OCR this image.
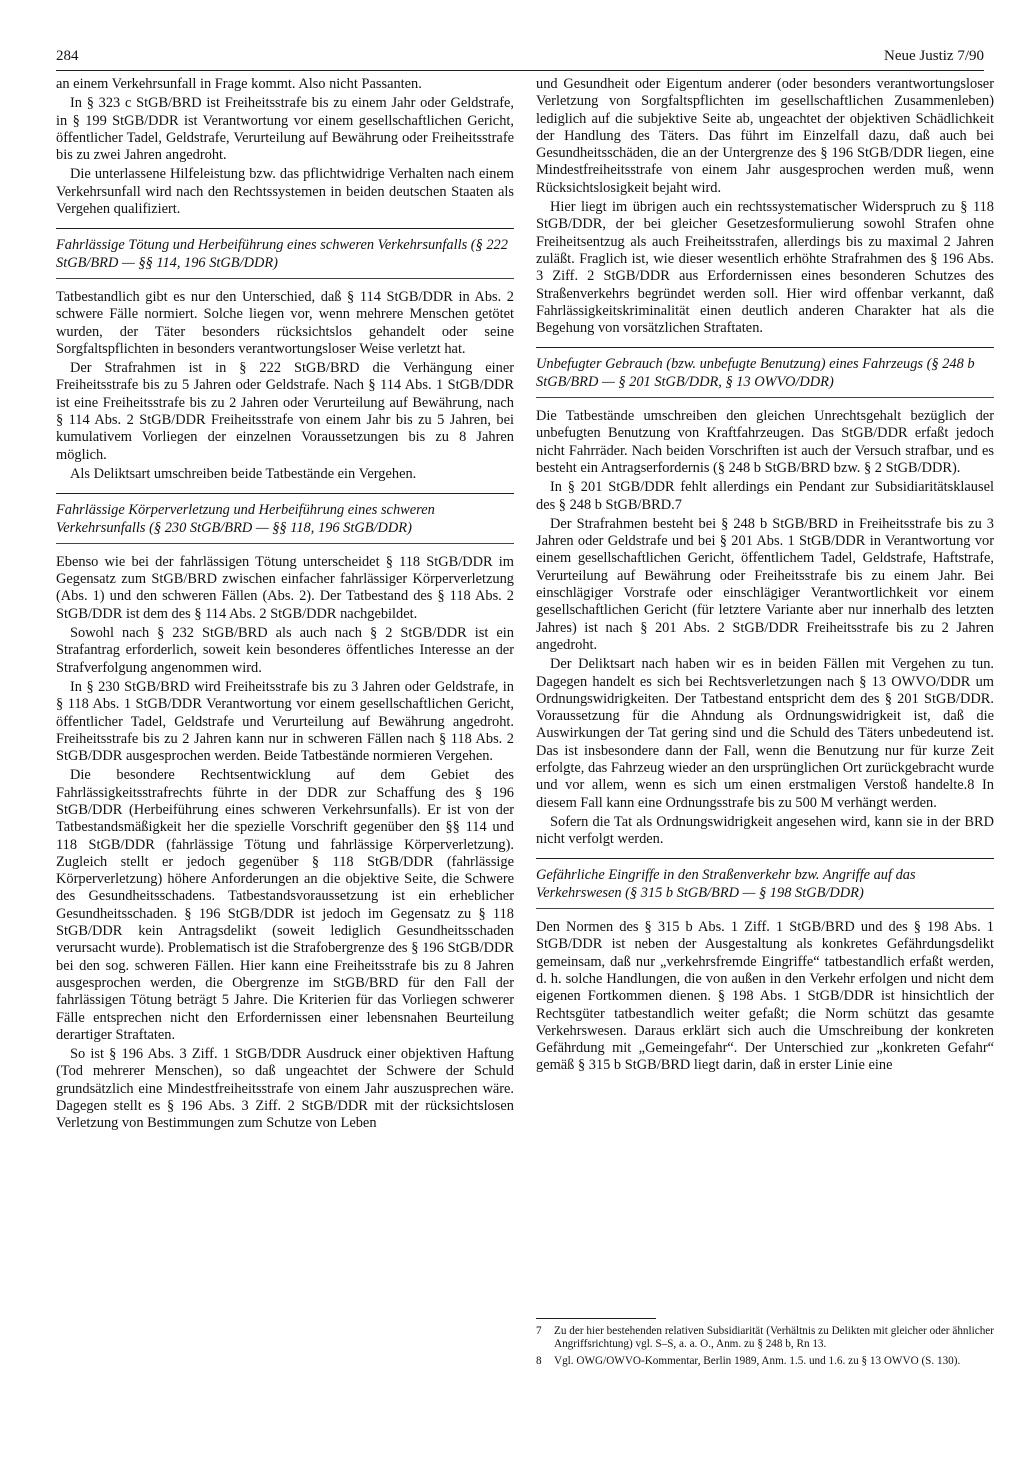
284	Neue Justiz 7/90

an einem Verkehrsunfall in Frage kommt. Also nicht Passanten.

In § 323 c StGB/BRD ist Freiheitsstrafe bis zu einem Jahr oder Geldstrafe, in § 199 StGB/DDR ist Verantwortung vor einem gesellschaftlichen Gericht, öffentlicher Tadel, Geldstrafe, Verurteilung auf Bewährung oder Freiheitsstrafe bis zu zwei Jahren angedroht.

Die unterlassene Hilfeleistung bzw. das pflichtwidrige Verhalten nach einem Verkehrsunfall wird nach den Rechtssystemen in beiden deutschen Staaten als Vergehen qualifiziert.

Fahrlässige Tötung und Herbeiführung eines schweren Verkehrsunfalls (§ 222 StGB/BRD — §§ 114, 196 StGB/DDR)

Tatbestandlich gibt es nur den Unterschied, daß § 114 StGB/DDR in Abs. 2 schwere Fälle normiert. Solche liegen vor, wenn mehrere Menschen getötet wurden, der Täter besonders rücksichtslos gehandelt oder seine Sorgfaltspflichten in besonders verantwortungsloser Weise verletzt hat.

Der Strafrahmen ist in § 222 StGB/BRD die Verhängung einer Freiheitsstrafe bis zu 5 Jahren oder Geldstrafe. Nach § 114 Abs. 1 StGB/DDR ist eine Freiheitsstrafe bis zu 2 Jahren oder Verurteilung auf Bewährung, nach § 114 Abs. 2 StGB/DDR Freiheitsstrafe von einem Jahr bis zu 5 Jahren, bei kumulativem Vorliegen der einzelnen Voraussetzungen bis zu 8 Jahren möglich.

Als Deliktsart umschreiben beide Tatbestände ein Vergehen.

Fahrlässige Körperverletzung und Herbeiführung eines schweren Verkehrsunfalls (§ 230 StGB/BRD — §§ 118, 196 StGB/DDR)

Ebenso wie bei der fahrlässigen Tötung unterscheidet § 118 StGB/DDR im Gegensatz zum StGB/BRD zwischen einfacher fahrlässiger Körperverletzung (Abs. 1) und den schweren Fällen (Abs. 2). Der Tatbestand des § 118 Abs. 2 StGB/DDR ist dem des § 114 Abs. 2 StGB/DDR nachgebildet.

Sowohl nach § 232 StGB/BRD als auch nach § 2 StGB/DDR ist ein Strafantrag erforderlich, soweit kein besonderes öffentliches Interesse an der Strafverfolgung angenommen wird.

In § 230 StGB/BRD wird Freiheitsstrafe bis zu 3 Jahren oder Geldstrafe, in § 118 Abs. 1 StGB/DDR Verantwortung vor einem gesellschaftlichen Gericht, öffentlicher Tadel, Geldstrafe und Verurteilung auf Bewährung angedroht. Freiheitsstrafe bis zu 2 Jahren kann nur in schweren Fällen nach § 118 Abs. 2 StGB/DDR ausgesprochen werden. Beide Tatbestände normieren Vergehen.

Die besondere Rechtsentwicklung auf dem Gebiet des Fahrlässigkeitsstrafrechts führte in der DDR zur Schaffung des § 196 StGB/DDR (Herbeiführung eines schweren Verkehrsunfalls). Er ist von der Tatbestandsmäßigkeit her die spezielle Vorschrift gegenüber den §§ 114 und 118 StGB/DDR (fahrlässige Tötung und fahrlässige Körperverletzung). Zugleich stellt er jedoch gegenüber § 118 StGB/DDR (fahrlässige Körperverletzung) höhere Anforderungen an die objektive Seite, die Schwere des Gesundheitsschadens. Tatbestandsvoraussetzung ist ein erheblicher Gesundheitsschaden. § 196 StGB/DDR ist jedoch im Gegensatz zu § 118 StGB/DDR kein Antragsdelikt (soweit lediglich Gesundheitsschaden verursacht wurde). Problematisch ist die Strafobergrenze des § 196 StGB/DDR bei den sog. schweren Fällen. Hier kann eine Freiheitsstrafe bis zu 8 Jahren ausgesprochen werden, die Obergrenze im StGB/BRD für den Fall der fahrlässigen Tötung beträgt 5 Jahre. Die Kriterien für das Vorliegen schwerer Fälle entsprechen nicht den Erfordernissen einer lebensnahen Beurteilung derartiger Straftaten.

So ist § 196 Abs. 3 Ziff. 1 StGB/DDR Ausdruck einer objektiven Haftung (Tod mehrerer Menschen), so daß ungeachtet der Schwere der Schuld grundsätzlich eine Mindestfreiheitsstrafe von einem Jahr auszusprechen wäre. Dagegen stellt es § 196 Abs. 3 Ziff. 2 StGB/DDR mit der rücksichtslosen Verletzung von Bestimmungen zum Schutze von Leben

und Gesundheit oder Eigentum anderer (oder besonders verantwortungsloser Verletzung von Sorgfaltspflichten im gesellschaftlichen Zusammenleben) lediglich auf die subjektive Seite ab, ungeachtet der objektiven Schädlichkeit der Handlung des Täters. Das führt im Einzelfall dazu, daß auch bei Gesundheitsschäden, die an der Untergrenze des § 196 StGB/DDR liegen, eine Mindestfreiheitsstrafe von einem Jahr ausgesprochen werden muß, wenn Rücksichtslosigkeit bejaht wird.

Hier liegt im übrigen auch ein rechtssystematischer Widerspruch zu § 118 StGB/DDR, der bei gleicher Gesetzesformulierung sowohl Strafen ohne Freiheitsentzug als auch Freiheitsstrafen, allerdings bis zu maximal 2 Jahren zuläßt. Fraglich ist, wie dieser wesentlich erhöhte Strafrahmen des § 196 Abs. 3 Ziff. 2 StGB/DDR aus Erfordernissen eines besonderen Schutzes des Straßenverkehrs begründet werden soll. Hier wird offenbar verkannt, daß Fahrlässigkeitskriminalität einen deutlich anderen Charakter hat als die Begehung von vorsätzlichen Straftaten.

Unbefugter Gebrauch (bzw. unbefugte Benutzung) eines Fahrzeugs (§ 248 b StGB/BRD — § 201 StGB/DDR, § 13 OWVO/DDR)

Die Tatbestände umschreiben den gleichen Unrechtsgehalt bezüglich der unbefugten Benutzung von Kraftfahrzeugen. Das StGB/DDR erfaßt jedoch nicht Fahrräder. Nach beiden Vorschriften ist auch der Versuch strafbar, und es besteht ein Antragserfordernis (§ 248 b StGB/BRD bzw. § 2 StGB/DDR).

In § 201 StGB/DDR fehlt allerdings ein Pendant zur Subsidiaritätsklausel des § 248 b StGB/BRD.7

Der Strafrahmen besteht bei § 248 b StGB/BRD in Freiheitsstrafe bis zu 3 Jahren oder Geldstrafe und bei § 201 Abs. 1 StGB/DDR in Verantwortung vor einem gesellschaftlichen Gericht, öffentlichem Tadel, Geldstrafe, Haftstrafe, Verurteilung auf Bewährung oder Freiheitsstrafe bis zu einem Jahr. Bei einschlägiger Vorstrafe oder einschlägiger Verantwortlichkeit vor einem gesellschaftlichen Gericht (für letztere Variante aber nur innerhalb des letzten Jahres) ist nach § 201 Abs. 2 StGB/DDR Freiheitsstrafe bis zu 2 Jahren angedroht.

Der Deliktsart nach haben wir es in beiden Fällen mit Vergehen zu tun. Dagegen handelt es sich bei Rechtsverletzungen nach § 13 OWVO/DDR um Ordnungswidrigkeiten. Der Tatbestand entspricht dem des § 201 StGB/DDR. Voraussetzung für die Ahndung als Ordnungswidrigkeit ist, daß die Auswirkungen der Tat gering sind und die Schuld des Täters unbedeutend ist. Das ist insbesondere dann der Fall, wenn die Benutzung nur für kurze Zeit erfolgte, das Fahrzeug wieder an den ursprünglichen Ort zurückgebracht wurde und vor allem, wenn es sich um einen erstmaligen Verstoß handelte.8 In diesem Fall kann eine Ordnungsstrafe bis zu 500 M verhängt werden.

Sofern die Tat als Ordnungswidrigkeit angesehen wird, kann sie in der BRD nicht verfolgt werden.

Gefährliche Eingriffe in den Straßenverkehr bzw. Angriffe auf das Verkehrswesen (§ 315 b StGB/BRD — § 198 StGB/DDR)

Den Normen des § 315 b Abs. 1 Ziff. 1 StGB/BRD und des § 198 Abs. 1 StGB/DDR ist neben der Ausgestaltung als konkretes Gefährdungsdelikt gemeinsam, daß nur „verkehrsfremde Eingriffe“ tatbestandlich erfaßt werden, d. h. solche Handlungen, die von außen in den Verkehr erfolgen und nicht dem eigenen Fortkommen dienen. § 198 Abs. 1 StGB/DDR ist hinsichtlich der Rechtsgüter tatbestandlich weiter gefaßt; die Norm schützt das gesamte Verkehrswesen. Daraus erklärt sich auch die Umschreibung der konkreten Gefährdung mit „Gemeingefahr“. Der Unterschied zur „konkreten Gefahr“ gemäß § 315 b StGB/BRD liegt darin, daß in erster Linie eine

7	Zu der hier bestehenden relativen Subsidiarität (Verhältnis zu Delikten mit gleicher oder ähnlicher Angriffsrichtung) vgl. S–S, a. a. O., Anm. zu § 248 b, Rn 13.
8	Vgl. OWG/OWVO-Kommentar, Berlin 1989, Anm. 1.5. und 1.6. zu § 13 OWVO (S. 130).
